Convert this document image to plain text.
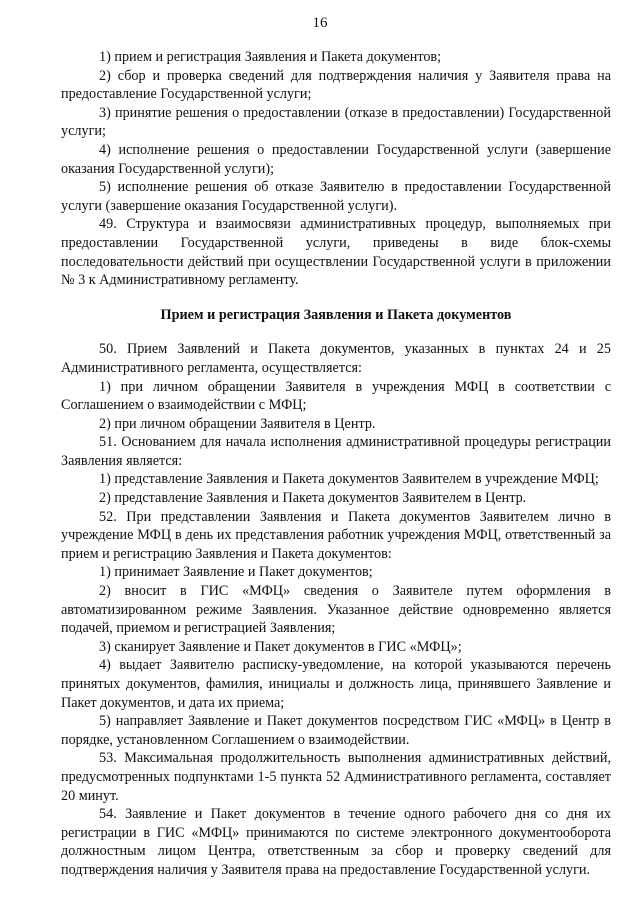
16

1) прием и регистрация Заявления и Пакета документов;

2) сбор и проверка сведений для подтверждения наличия у Заявителя права на предоставление Государственной услуги;

3) принятие решения о предоставлении (отказе в предоставлении) Государственной услуги;

4) исполнение решения о предоставлении Государственной услуги (завершение оказания Государственной услуги);

5) исполнение решения об отказе Заявителю в предоставлении Государственной услуги (завершение оказания Государственной услуги).

49. Структура и взаимосвязи административных процедур, выполняемых при предоставлении Государственной услуги, приведены в виде блок-схемы последовательности действий при осуществлении Государственной услуги в приложении № 3 к Административному регламенту.

Прием и регистрация Заявления и Пакета документов

50. Прием Заявлений и Пакета документов, указанных в пунктах 24 и 25 Административного регламента, осуществляется:

1) при личном обращении Заявителя в учреждения МФЦ в соответствии с Соглашением о взаимодействии с МФЦ;

2) при личном обращении Заявителя в Центр.

51. Основанием для начала исполнения административной процедуры регистрации Заявления является:

1) представление Заявления и Пакета документов Заявителем в учреждение МФЦ;

2) представление Заявления и Пакета документов Заявителем в Центр.

52. При представлении Заявления и Пакета документов Заявителем лично в учреждение МФЦ в день их представления работник учреждения МФЦ, ответственный за прием и регистрацию Заявления и Пакета документов:

1) принимает Заявление и Пакет документов;

2) вносит в ГИС «МФЦ» сведения о Заявителе путем оформления в автоматизированном режиме Заявления. Указанное действие одновременно является подачей, приемом и регистрацией Заявления;

3) сканирует Заявление и Пакет документов в ГИС «МФЦ»;

4) выдает Заявителю расписку-уведомление, на которой указываются перечень принятых документов, фамилия, инициалы и должность лица, принявшего Заявление и Пакет документов, и дата их приема;

5) направляет Заявление и Пакет документов посредством ГИС «МФЦ» в Центр в порядке, установленном Соглашением о взаимодействии.

53. Максимальная продолжительность выполнения административных действий, предусмотренных подпунктами 1-5 пункта 52 Административного регламента, составляет 20 минут.

54. Заявление и Пакет документов в течение одного рабочего дня со дня их регистрации в ГИС «МФЦ» принимаются по системе электронного документооборота должностным лицом Центра, ответственным за сбор и проверку сведений для подтверждения наличия у Заявителя права на предоставление Государственной услуги.
